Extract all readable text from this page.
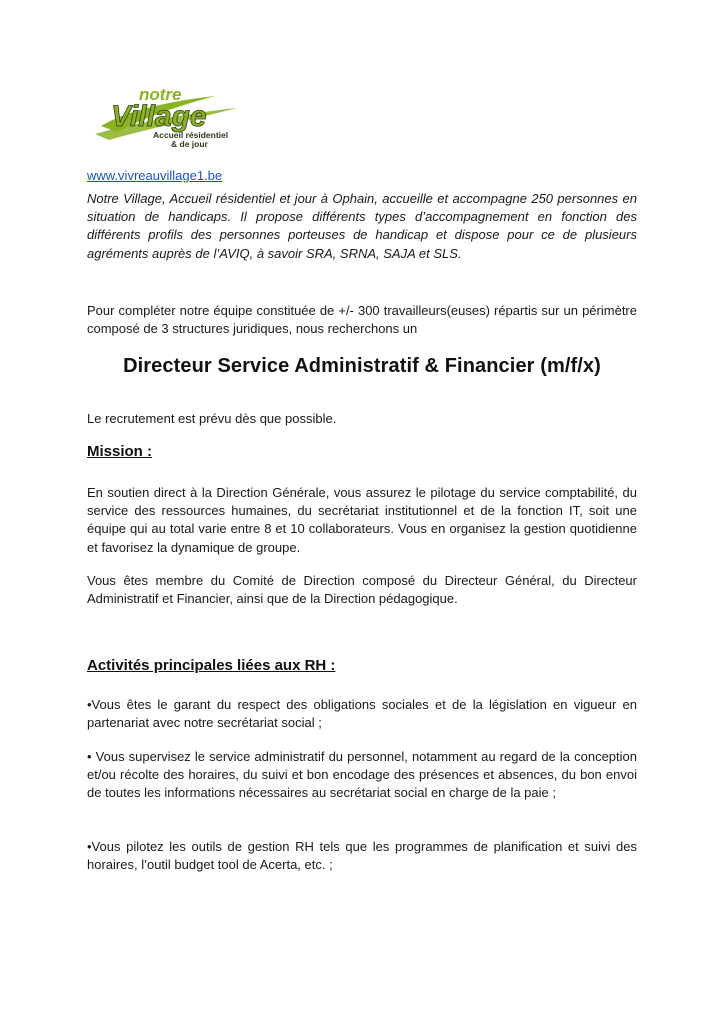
notre
Village
Accueil résidentiel
& de jour
www.vivreauvillage1.be
Notre Village, Accueil résidentiel et jour à Ophain, accueille et accompagne 250 personnes en situation de handicaps. Il propose différents types d’accompagnement en fonction des différents profils des personnes porteuses de handicap et dispose pour ce de plusieurs agréments auprès de l’AVIQ, à savoir SRA, SRNA, SAJA et SLS.
Pour compléter notre équipe constituée de +/- 300 travailleurs(euses) répartis sur un périmètre composé de 3 structures juridiques, nous recherchons un
Directeur Service Administratif & Financier (m/f/x)
Le recrutement est prévu dès que possible.
Mission :
En soutien direct à la Direction Générale, vous assurez le pilotage du service comptabilité, du service des ressources humaines, du secrétariat institutionnel et de la fonction IT, soit une équipe qui au total varie entre 8 et 10 collaborateurs. Vous en organisez la gestion quotidienne et favorisez la dynamique de groupe.
Vous êtes membre du Comité de Direction composé du Directeur Général, du Directeur Administratif et Financier, ainsi que de la Direction pédagogique.
Activités principales liées aux RH :
•Vous êtes le garant du respect des obligations sociales et de la législation en vigueur en partenariat avec notre secrétariat social ;
• Vous supervisez le service administratif du personnel, notamment au regard de la conception et/ou récolte des horaires, du suivi et bon encodage des présences et absences, du bon envoi de toutes les informations nécessaires au secrétariat social en charge de la paie ;
•Vous pilotez les outils de gestion RH tels que les programmes de planification et suivi des horaires, l’outil budget tool de Acerta, etc. ;
